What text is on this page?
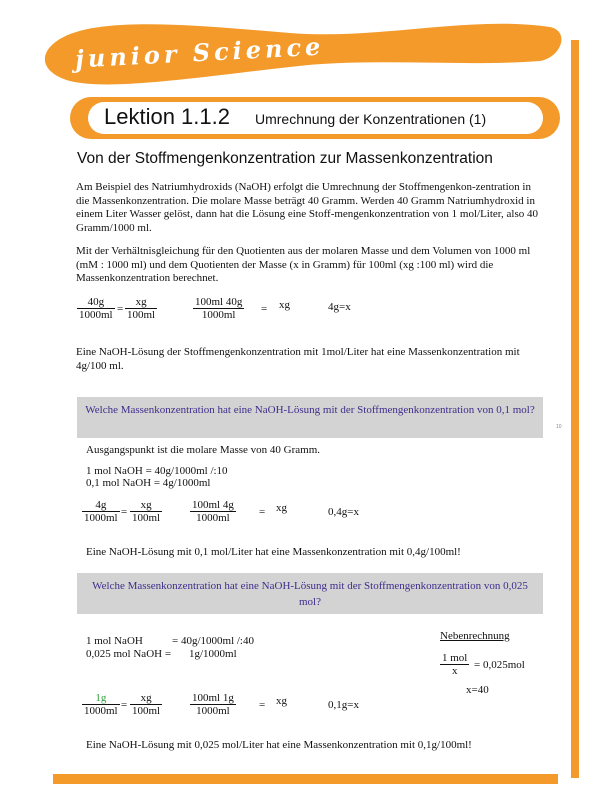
junior Science
Lektion 1.1.2 Umrechnung der Konzentrationen (1)
Von der Stoffmengenkonzentration zur Massenkonzentration
Am Beispiel des Natriumhydroxids (NaOH) erfolgt die Umrechnung der Stoffmengenkon-zentration in die Massenkonzentration. Die molare Masse beträgt 40 Gramm. Werden 40 Gramm Natriumhydroxid in einem Liter Wasser gelöst, dann hat die Lösung eine Stoff-mengenkonzentration von 1 mol/Liter, also 40 Gramm/1000 ml.
Mit der Verhältnisgleichung für den Quotienten aus der molaren Masse und dem Volumen von 1000 ml (mM : 1000 ml) und dem Quotienten der Masse (x in Gramm) für 100ml (xg :100 ml) wird die Massenkonzentration berechnet.
$\frac{40g}{1000ml} = \frac{xg}{100ml}$	$\frac{100ml 40g}{1000ml}$ = xg	4g=x
Eine NaOH-Lösung der Stoffmengenkonzentration mit 1mol/Liter hat eine Massenkonzentration mit 4g/100 ml.
Welche Massenkonzentration hat eine NaOH-Lösung mit der Stoffmengenkonzentration von 0,1 mol?
10
Ausgangspunkt ist die molare Masse von 40 Gramm.
1 mol NaOH = 40g/1000ml /:10
0,1 mol NaOH = 4g/1000ml
$\frac{4g}{1000ml} = \frac{xg}{100ml}$	$\frac{100ml 4g}{1000ml}$ = xg	0,4g=x
Eine NaOH-Lösung mit 0,1 mol/Liter hat eine Massenkonzentration mit 0,4g/100ml!
Welche Massenkonzentration hat eine NaOH-Lösung mit der Stoffmengenkonzentration von 0,025 mol?
1 mol NaOH	= 40g/1000ml /:40
0,025 mol NaOH = 1g/1000ml
Nebenrechnung
1 mol
x	= 0,025mol
x=40
$\frac{1g}{1000ml} = \frac{xg}{100ml}$	$\frac{100ml 1g}{1000ml}$ = xg	0,1g=x
Eine NaOH-Lösung mit 0,025 mol/Liter hat eine Massenkonzentration mit 0,1g/100ml!
